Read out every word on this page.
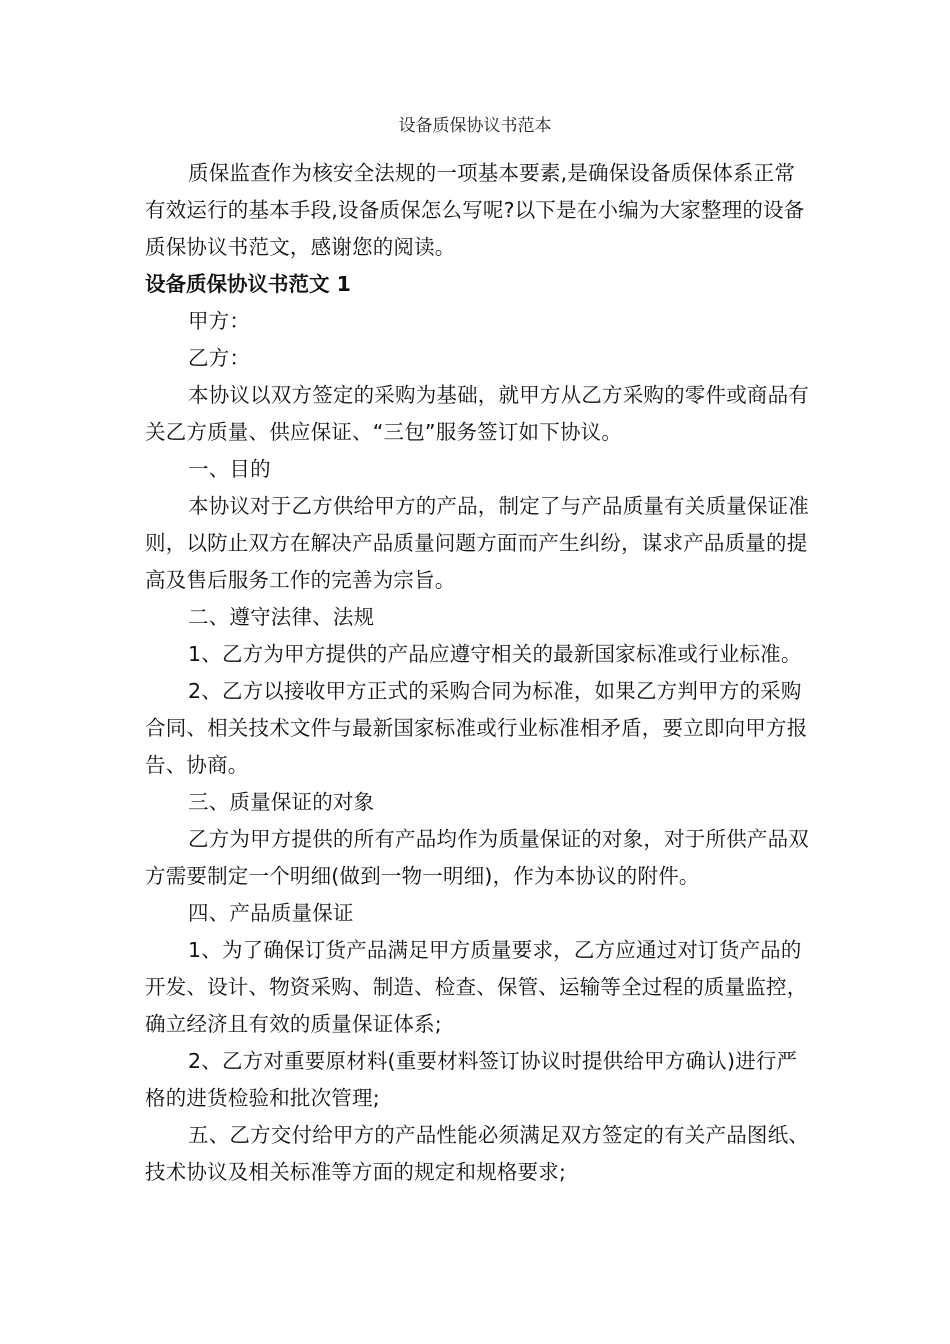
设备质保协议书范本

质保监查作为核安全法规的一项基本要素,是确保设备质保体系正常有效运行的基本手段,设备质保怎么写呢?以下是在小编为大家整理的设备质保协议书范文，感谢您的阅读。

设备质保协议书范文 1

甲方：

乙方：

本协议以双方签定的采购为基础，就甲方从乙方采购的零件或商品有关乙方质量、供应保证、“三包”服务签订如下协议。

一、目的

本协议对于乙方供给甲方的产品，制定了与产品质量有关质量保证准则，以防止双方在解决产品质量问题方面而产生纠纷，谋求产品质量的提高及售后服务工作的完善为宗旨。

二、遵守法律、法规

1、乙方为甲方提供的产品应遵守相关的最新国家标准或行业标准。

2、乙方以接收甲方正式的采购合同为标准，如果乙方判甲方的采购合同、相关技术文件与最新国家标准或行业标准相矛盾，要立即向甲方报告、协商。

三、质量保证的对象

乙方为甲方提供的所有产品均作为质量保证的对象，对于所供产品双方需要制定一个明细(做到一物一明细)，作为本协议的附件。

四、产品质量保证

1、为了确保订货产品满足甲方质量要求，乙方应通过对订货产品的开发、设计、物资采购、制造、检查、保管、运输等全过程的质量监控，确立经济且有效的质量保证体系;

2、乙方对重要原材料(重要材料签订协议时提供给甲方确认)进行严格的进货检验和批次管理;

五、乙方交付给甲方的产品性能必须满足双方签定的有关产品图纸、技术协议及相关标准等方面的规定和规格要求;
